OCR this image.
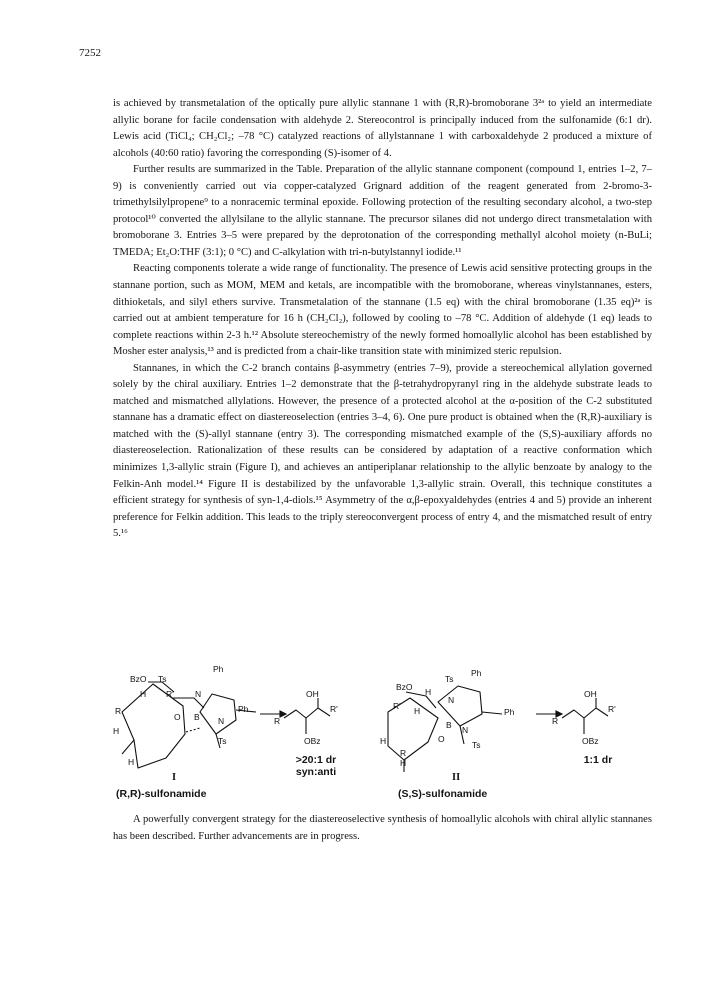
7252

is achieved by transmetalation of the optically pure allylic stannane 1 with (R,R)-bromoborane 3²ᵃ to yield an intermediate allylic borane for facile condensation with aldehyde 2. Stereocontrol is principally induced from the sulfonamide (6:1 dr). Lewis acid (TiCl₄; CH₂Cl₂; –78 °C) catalyzed reactions of allylstannane 1 with carboxaldehyde 2 produced a mixture of alcohols (40:60 ratio) favoring the corresponding (S)-isomer of 4.

Further results are summarized in the Table. Preparation of the allylic stannane component (compound 1, entries 1–2, 7–9) is conveniently carried out via copper-catalyzed Grignard addition of the reagent generated from 2-bromo-3-trimethylsilylpropene⁹ to a nonracemic terminal epoxide. Following protection of the resulting secondary alcohol, a two-step protocol¹⁰ converted the allylsilane to the allylic stannane. The precursor silanes did not undergo direct transmetalation with bromoborane 3. Entries 3–5 were prepared by the deprotonation of the corresponding methallyl alcohol moiety (n-BuLi; TMEDA; Et₂O:THF (3:1); 0 °C) and C-alkylation with tri-n-butylstannyl iodide.¹¹

Reacting components tolerate a wide range of functionality. The presence of Lewis acid sensitive protecting groups in the stannane portion, such as MOM, MEM and ketals, are incompatible with the bromoborane, whereas vinylstannanes, esters, dithioketals, and silyl ethers survive. Transmetalation of the stannane (1.5 eq) with the chiral bromoborane (1.35 eq)²ᵃ is carried out at ambient temperature for 16 h (CH₂Cl₂), followed by cooling to –78 °C. Addition of aldehyde (1 eq) leads to complete reactions within 2-3 h.¹² Absolute stereochemistry of the newly formed homoallylic alcohol has been established by Mosher ester analysis,¹³ and is predicted from a chair-like transition state with minimized steric repulsion.

Stannanes, in which the C-2 branch contains β-asymmetry (entries 7–9), provide a stereochemical allylation governed solely by the chiral auxiliary. Entries 1–2 demonstrate that the β-tetrahydropyranyl ring in the aldehyde substrate leads to matched and mismatched allylations. However, the presence of a protected alcohol at the α-position of the C-2 substituted stannane has a dramatic effect on diastereoselection (entries 3–4, 6). One pure product is obtained when the (R,R)-auxiliary is matched with the (S)-allyl stannane (entry 3). The corresponding mismatched example of the (S,S)-auxiliary affords no diastereoselection. Rationalization of these results can be considered by adaptation of a reactive conformation which minimizes 1,3-allylic strain (Figure I), and achieves an antiperiplanar relationship to the allylic benzoate by analogy to the Felkin-Anh model.¹⁴ Figure II is destabilized by the unfavorable 1,3-allylic strain. Overall, this technique constitutes a efficient strategy for synthesis of syn-1,4-diols.¹⁵ Asymmetry of the α,β-epoxyaldehydes (entries 4 and 5) provide an inherent preference for Felkin addition. This leads to the triply stereoconvergent process of entry 4, and the mismatched result of entry 5.¹⁶

Ph
Ts
BzO
H R' N
R
O B N
Ph
Ts
H
H
OH
R'
R
OBz
Ph
Ts
BzO H
N
R' H	Ph
B N
O
H	Ts
R
H
OH
R'
R
OBz
>20:1 dr
syn:anti
1:1 dr
I	II
(R,R)-sulfonamide	(S,S)-sulfonamide

A powerfully convergent strategy for the diastereoselective synthesis of homoallylic alcohols with chiral allylic stannanes has been described. Further advancements are in progress.
